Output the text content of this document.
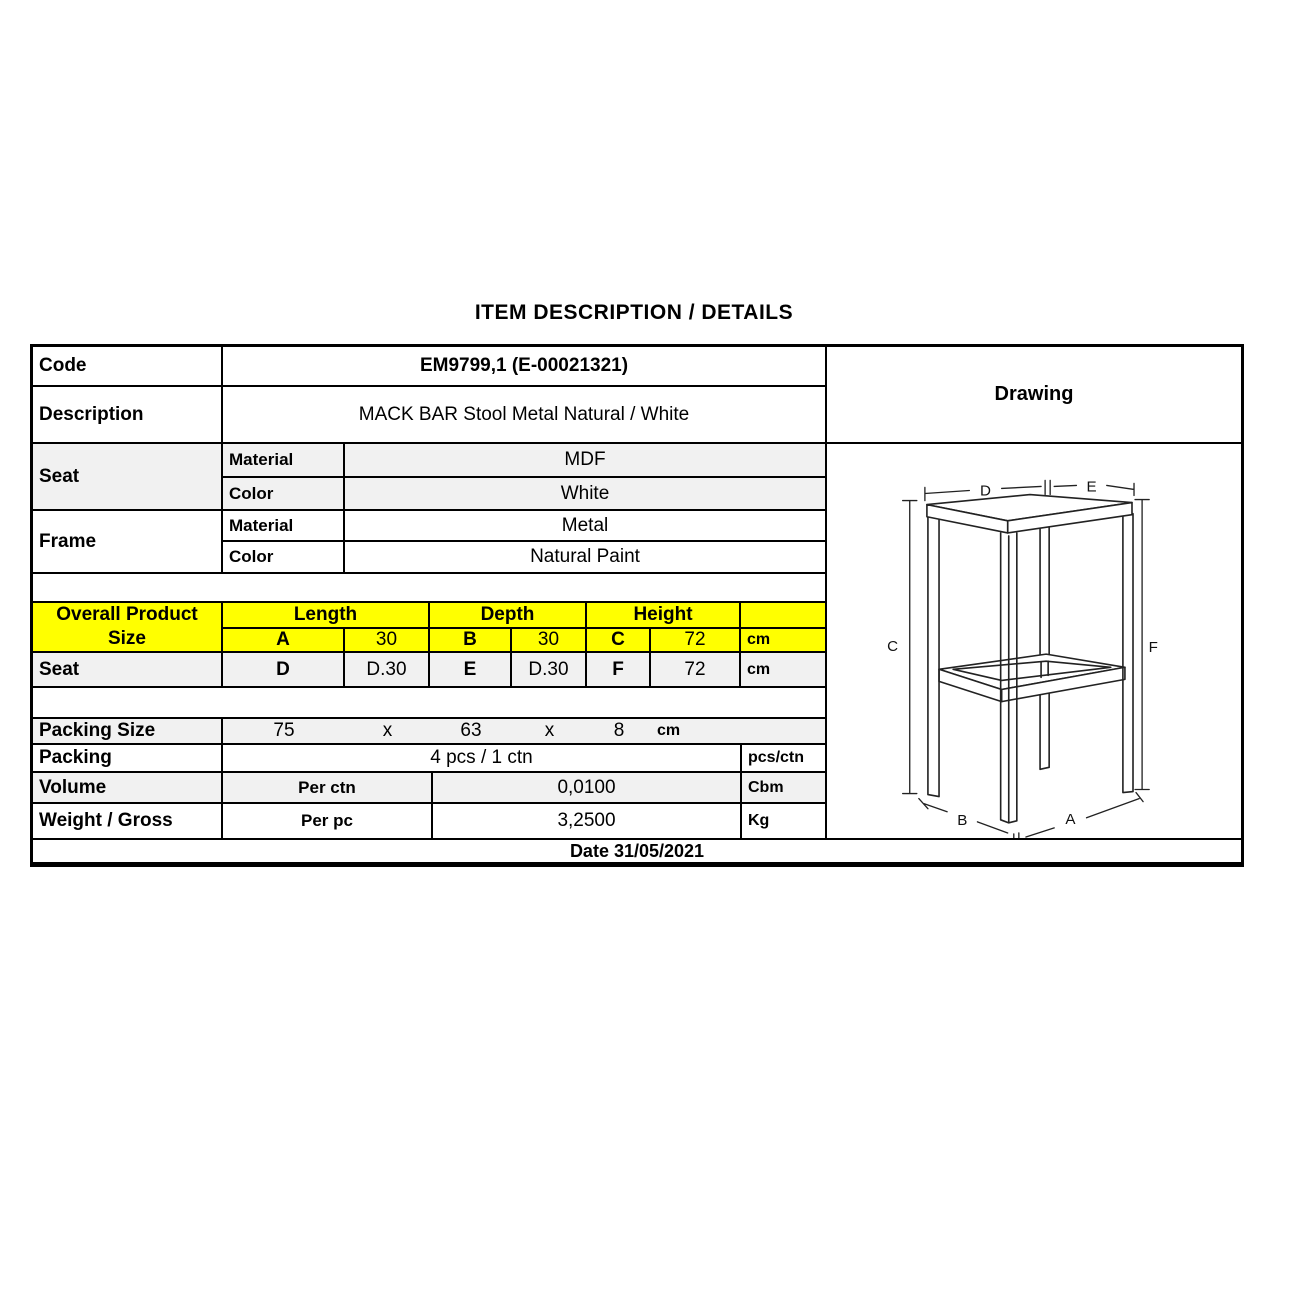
ITEM DESCRIPTION / DETAILS
Code	EM9799,1 (E-00021321)
Description	MACK BAR Stool Metal Natural / White
Seat
Material	MDF
Color	White
Frame
Material	Metal
Color	Natural Paint
Overall Product
Size
Length	Depth	Height
A	30	B	30	C	72	cm
Seat	D	D.30	E	D.30	F	72	cm
Packing Size	75	x	63	x	8	cm
Packing	4 pcs / 1 ctn	pcs/ctn
Volume	Per ctn	0,0100	Cbm
Weight / Gross	Per pc	3,2500	Kg
Drawing
C	F
D	E
B	A
Date 31/05/2021
